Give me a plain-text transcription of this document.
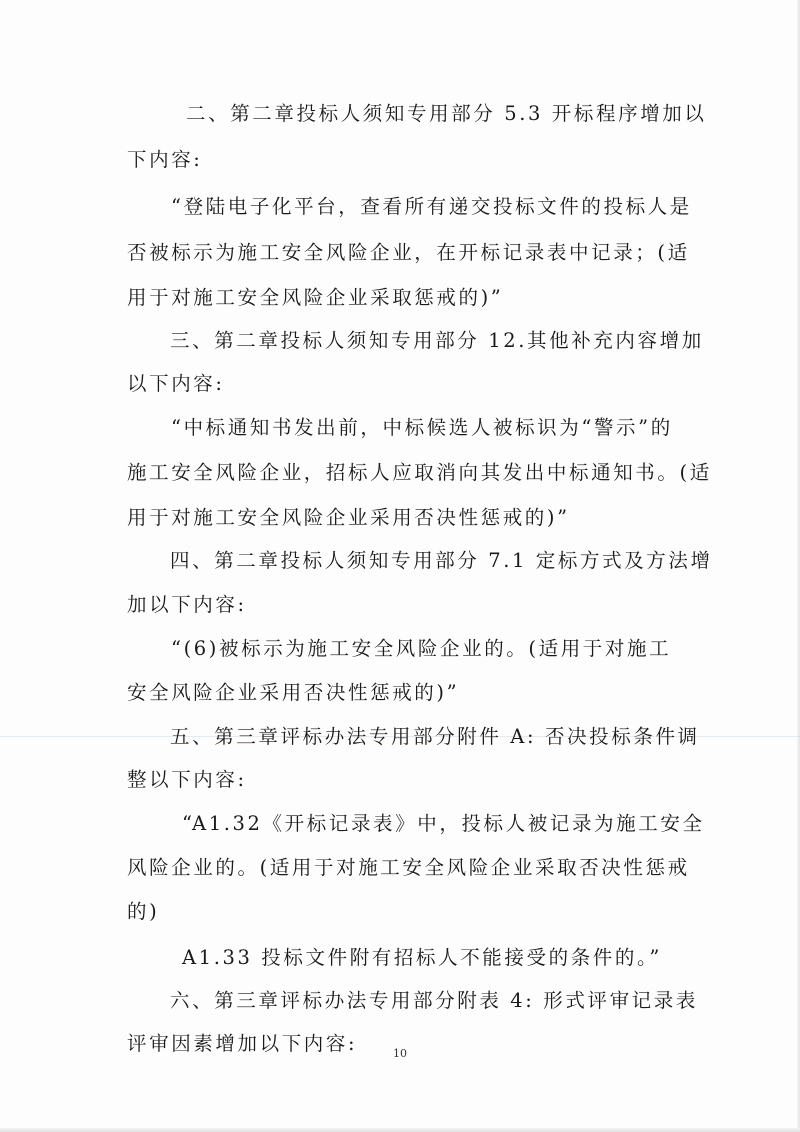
二、第二章投标人须知专用部分 5.3 开标程序增加以
下内容:
“登陆电子化平台，查看所有递交投标文件的投标人是
否被标示为施工安全风险企业，在开标记录表中记录；(适
用于对施工安全风险企业采取惩戒的)”
三、第二章投标人须知专用部分 12.其他补充内容增加
以下内容:
“中标通知书发出前，中标候选人被标识为“警示”的
施工安全风险企业，招标人应取消向其发出中标通知书。(适
用于对施工安全风险企业采用否决性惩戒的)”
四、第二章投标人须知专用部分 7.1 定标方式及方法增
加以下内容:
“(6)被标示为施工安全风险企业的。(适用于对施工
安全风险企业采用否决性惩戒的)”
五、第三章评标办法专用部分附件 A: 否决投标条件调
整以下内容:
“A1.32《开标记录表》中，投标人被记录为施工安全
风险企业的。(适用于对施工安全风险企业采取否决性惩戒
的)
A1.33 投标文件附有招标人不能接受的条件的。”
六、第三章评标办法专用部分附表 4: 形式评审记录表
评审因素增加以下内容:	10
